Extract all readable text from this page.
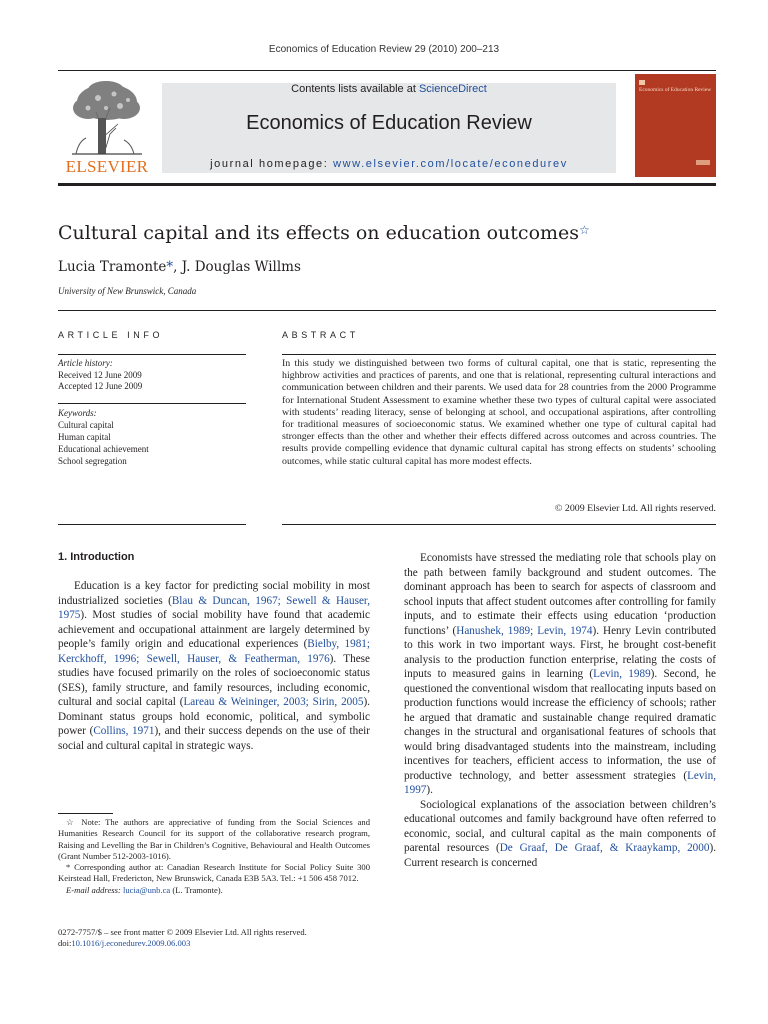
Economics of Education Review 29 (2010) 200–213
ELSEVIER
Contents lists available at ScienceDirect
Economics of Education Review
journal homepage: www.elsevier.com/locate/econedurev
Economics of Education Review
Cultural capital and its effects on education outcomes☆
Lucia Tramonte*, J. Douglas Willms
University of New Brunswick, Canada
ARTICLE INFO
Article history:
Received 12 June 2009
Accepted 12 June 2009
Keywords:
Cultural capital
Human capital
Educational achievement
School segregation
ABSTRACT
In this study we distinguished between two forms of cultural capital, one that is static, representing the highbrow activities and practices of parents, and one that is relational, representing cultural interactions and communication between children and their parents. We used data for 28 countries from the 2000 Programme for International Student Assessment to examine whether these two types of cultural capital were associated with students’ reading literacy, sense of belonging at school, and occupational aspirations, after controlling for traditional measures of socioeconomic status. We examined whether one type of cultural capital had stronger effects than the other and whether their effects differed across outcomes and across countries. The results provide compelling evidence that dynamic cultural capital has strong effects on students’ schooling outcomes, while static cultural capital has more modest effects.
© 2009 Elsevier Ltd. All rights reserved.
1. Introduction

Education is a key factor for predicting social mobility in most industrialized societies (Blau & Duncan, 1967; Sewell & Hauser, 1975). Most studies of social mobility have found that academic achievement and occupational attainment are largely determined by people’s family origin and educational experiences (Bielby, 1981; Kerckhoff, 1996; Sewell, Hauser, & Featherman, 1976). These studies have focused primarily on the roles of socioeconomic status (SES), family structure, and family resources, including economic, cultural and social capital (Lareau & Weininger, 2003; Sirin, 2005). Dominant status groups hold economic, political, and symbolic power (Collins, 1971), and their success depends on the use of their social and cultural capital in strategic ways.

Economists have stressed the mediating role that schools play on the path between family background and student outcomes. The dominant approach has been to search for aspects of classroom and school inputs that affect student outcomes after controlling for family inputs, and to estimate their effects using education ‘production functions’ (Hanushek, 1989; Levin, 1974). Henry Levin contributed to this work in two important ways. First, he brought cost-benefit analysis to the production function enterprise, relating the costs of inputs to measured gains in learning (Levin, 1989). Second, he questioned the conventional wisdom that reallocating inputs based on production functions would increase the efficiency of schools; rather he argued that dramatic and sustainable change required dramatic changes in the structural and organisational features of schools that would bring disadvantaged students into the mainstream, including incentives for teachers, efficient access to information, the use of productive technology, and better assessment strategies (Levin, 1997).

Sociological explanations of the association between children’s educational outcomes and family background have often referred to economic, social, and cultural capital as the main components of parental resources (De Graaf, De Graaf, & Kraaykamp, 2000). Current research is concerned

☆ Note: The authors are appreciative of funding from the Social Sciences and Humanities Research Council for its support of the collaborative research program, Raising and Levelling the Bar in Children’s Cognitive, Behavioural and Health Outcomes (Grant Number 512-2003-1016).

* Corresponding author at: Canadian Research Institute for Social Policy Suite 300 Keirstead Hall, Fredericton, New Brunswick, Canada E3B 5A3. Tel.: +1 506 458 7012.

E-mail address: lucia@unb.ca (L. Tramonte).

0272-7757/$ – see front matter © 2009 Elsevier Ltd. All rights reserved.
doi:10.1016/j.econedurev.2009.06.003
